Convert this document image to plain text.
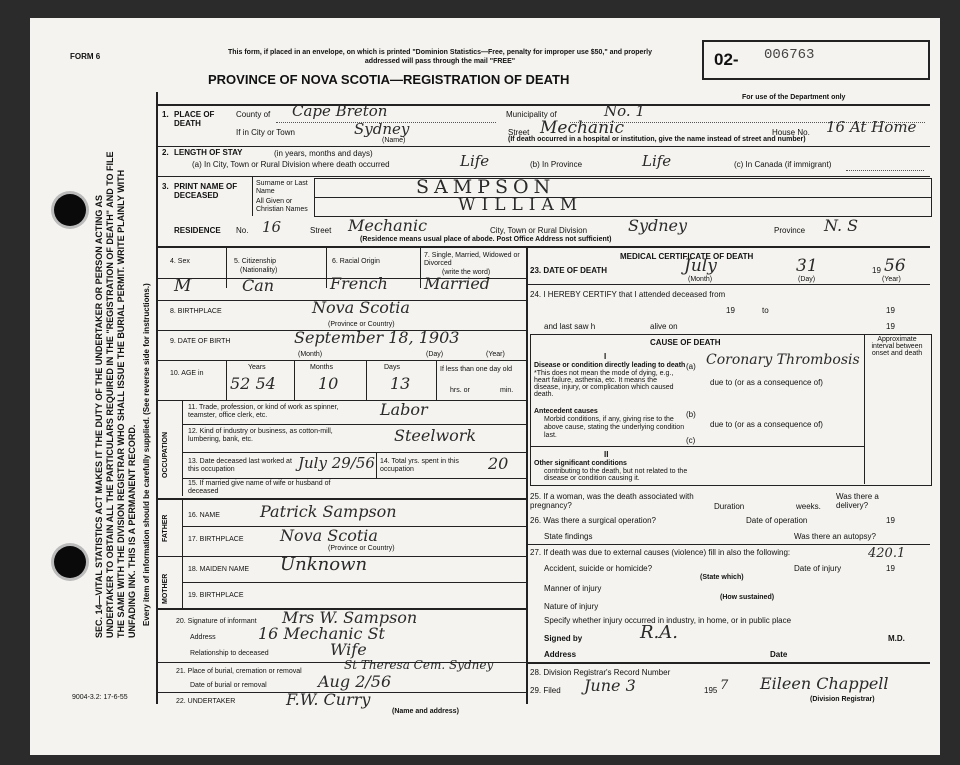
FORM 6	This form, if placed in an envelope, on which is printed "Dominion Statistics—Free, penalty for improper use $50," and properly addressed will pass through the mail "FREE"
PROVINCE OF NOVA SCOTIA—REGISTRATION OF DEATH
02- 006763
For use of the Department only
SEC. 14—VITAL STATISTICS ACT MAKES IT THE DUTY OF THE UNDERTAKER OR PERSON ACTING AS UNDERTAKER TO OBTAIN ALL THE PARTICULARS REQUIRED IN THE "REGISTRATION OF DEATH" AND TO FILE THE SAME WITH THE DIVISION REGISTRAR WHO SHALL ISSUE THE BURIAL PERMIT. WRITE PLAINLY WITH UNFADING INK. THIS IS A PERMANENT RECORD. Every item of information should be carefully supplied. (See reverse side for instructions.)
9004-3.2: 17-6-55
1. PLACE OF DEATH
County of Cape Breton	Municipality of	No. 1
If in City or Town	Sydney
(Name)
Street Mechanic	House No. 16 At Home
(If death occurred in a hospital or institution, give the name instead of street and number)
2. LENGTH OF STAY	(in years, months and days)
(a) In City, Town or Rural Division where death occurred	Life	(b) In Province	Life	(c) In Canada (if immigrant)
3. PRINT NAME OF DECEASED
Surname or Last Name
All Given or Christian Names
SAMPSON
WILLIAM
RESIDENCE No. 16	Street Mechanic	City, Town or Rural Division	Sydney	Province N. S
(Residence means usual place of abode. Post Office Address not sufficient)
4. Sex	5. Citizenship
(Nationality)
6. Racial Origin
7. Single, Married, Widowed or Divorced
(write the word)
M	Can	French Married
8. BIRTHPLACE	Nova Scotia
(Province or Country)
9. DATE OF BIRTH	September 18, 1903
(Month)	(Day)	(Year)
10. AGE in
Years
52 54
Months
10
Days
13
If less than one day old
hrs. or	min.
OCCUPATION
11. Trade, profession, or kind of work as spinner, teamster, office clerk, etc.	Labor
12. Kind of industry or business, as cotton-mill, lumbering, bank, etc.	Steelwork
13. Date deceased last worked at this occupation	July 29/56 14. Total yrs. spent in this occupation	20
15. If married give name of wife or husband of deceased
FATHER	16. NAME	Patrick Sampson
17. BIRTHPLACE Nova Scotia
(Province or Country)
MOTHER
18. MAIDEN NAME Unknown
19. BIRTHPLACE
20. Signature of informant Mrs W. Sampson
Address	16 Mechanic St
Relationship to deceased	Wife
21. Place of burial, cremation or removal	St Theresa Cem. Sydney
Date of burial or removal	Aug 2/56
22. UNDERTAKER	F.W. Curry
(Name and address)
MEDICAL CERTIFICATE OF DEATH
23. DATE OF DEATH	July
(Month)
31
(Day)
19 56
(Year)
24. I HEREBY CERTIFY that I attended deceased from
19	to	19
and last saw h	alive on	19
CAUSE OF DEATH	Approximate interval between onset and death
I
Disease or condition directly leading to death
*This does not mean the mode of dying, e.g., heart failure, asthenia, etc. It means the disease, injury, or complication which caused death.
(a) Coronary Thrombosis
due to (or as a consequence of)
Antecedent causes
Morbid conditions, if any, giving rise to the above cause, stating the underlying condition last.
(b)
due to (or as a consequence of)
(c)
II
Other significant conditions
contributing to the death, but not related to the disease or condition causing it.
25. If a woman, was the death associated with pregnancy?	Duration	weeks.
Was there a delivery?
26. Was there a surgical operation?	Date of operation	19
State findings	Was there an autopsy?
27. If death was due to external causes (violence) fill in also the following:	420.1
Accident, suicide or homicide?
(State which)
Date of injury	19
Manner of injury
(How sustained)
Nature of injury
Specify whether injury occurred in industry, in home, or in public place
Signed by	R.A.	M.D.
Address	Date
28. Division Registrar's Record Number
29. Filed June 3	195 7 Eileen Chappell
(Division Registrar)
